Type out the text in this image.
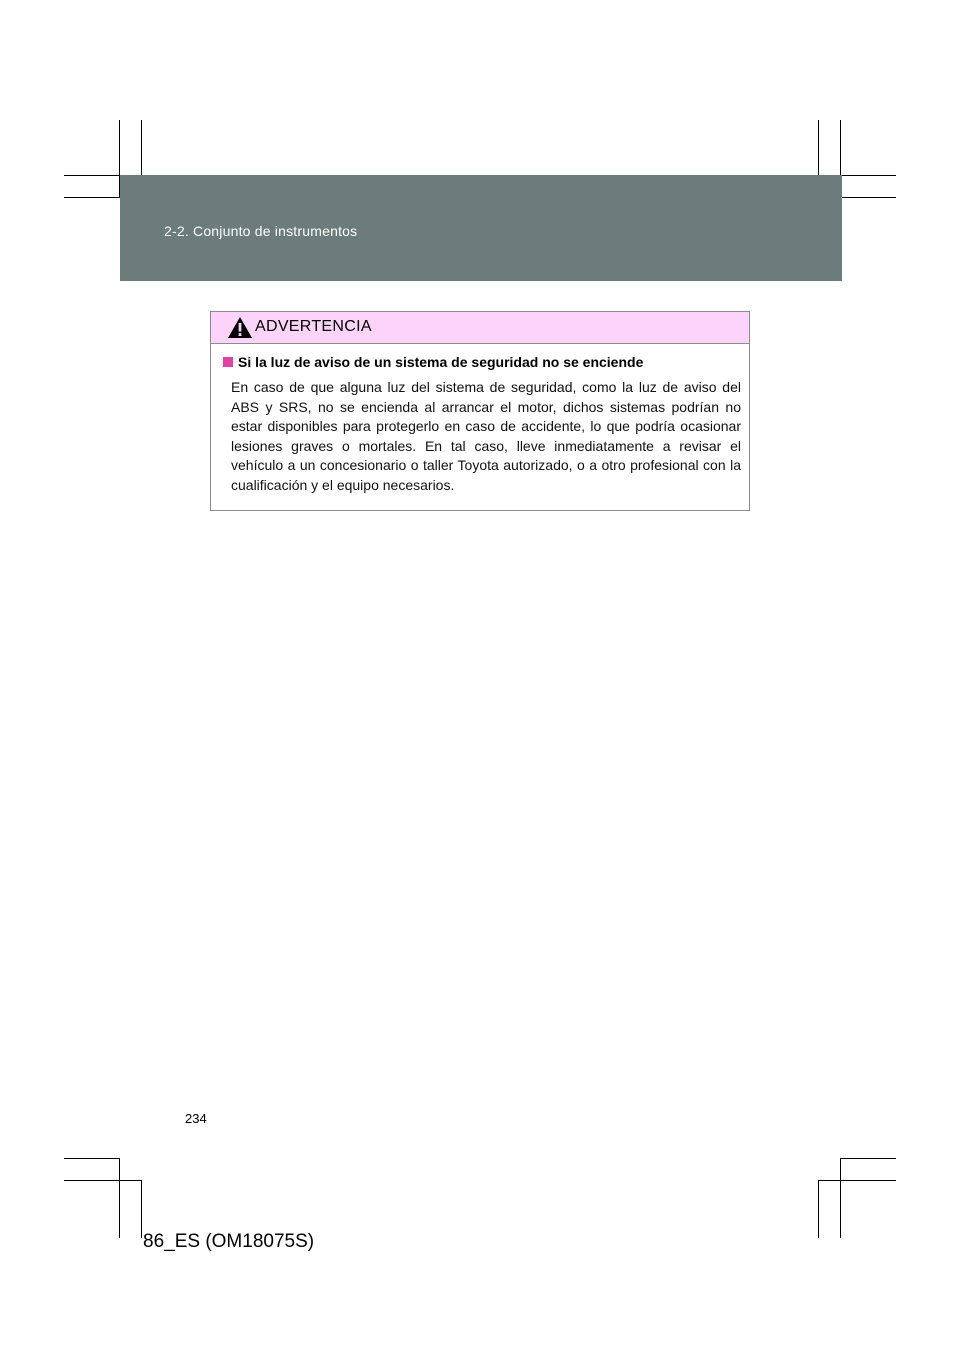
2-2. Conjunto de instrumentos
ADVERTENCIA
Si la luz de aviso de un sistema de seguridad no se enciende

En caso de que alguna luz del sistema de seguridad, como la luz de aviso del ABS y SRS, no se encienda al arrancar el motor, dichos sistemas podrían no estar disponibles para protegerlo en caso de accidente, lo que podría ocasionar lesiones graves o mortales. En tal caso, lleve inmediatamente a revisar el vehículo a un concesionario o taller Toyota autorizado, o a otro profesional con la cualificación y el equipo necesarios.

234
86_ES (OM18075S)
